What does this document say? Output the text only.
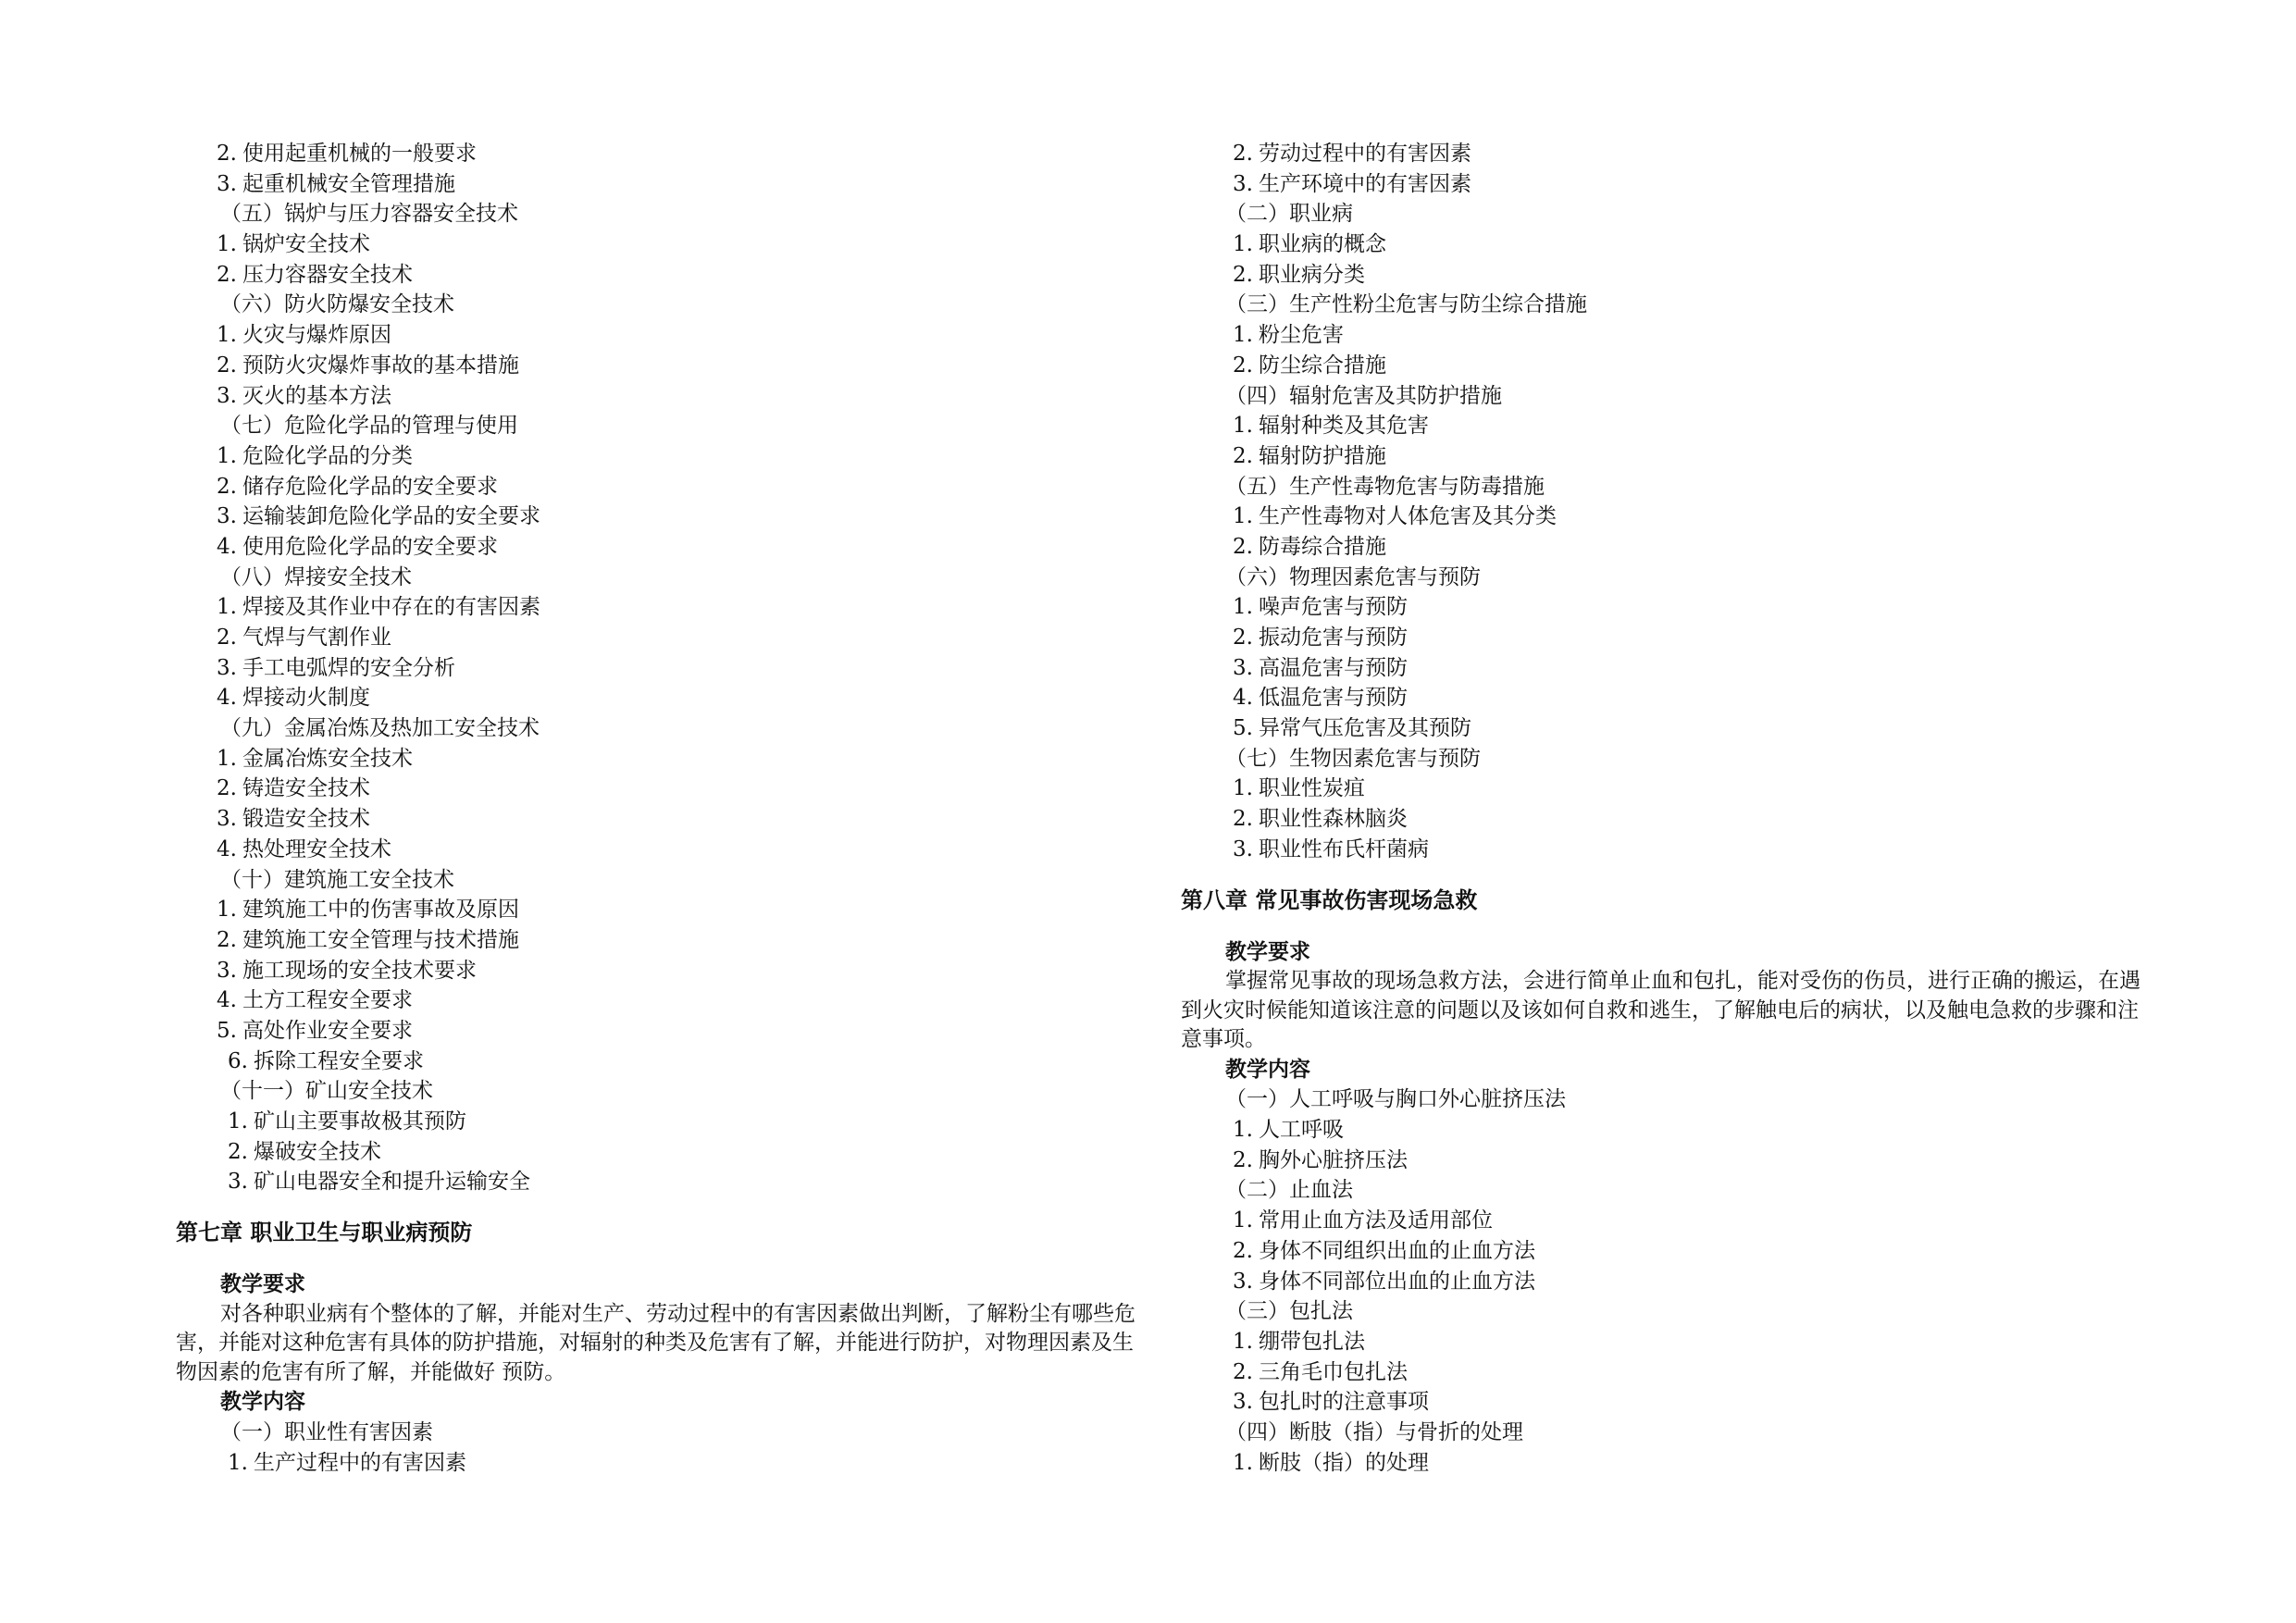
2. 使用起重机械的一般要求
3. 起重机械安全管理措施
（五）锅炉与压力容器安全技术
1. 锅炉安全技术
2. 压力容器安全技术
（六）防火防爆安全技术
1. 火灾与爆炸原因
2. 预防火灾爆炸事故的基本措施
3. 灭火的基本方法
（七）危险化学品的管理与使用
1. 危险化学品的分类
2. 储存危险化学品的安全要求
3. 运输装卸危险化学品的安全要求
4. 使用危险化学品的安全要求
（八）焊接安全技术
1. 焊接及其作业中存在的有害因素
2. 气焊与气割作业
3. 手工电弧焊的安全分析
4. 焊接动火制度
（九）金属冶炼及热加工安全技术
1. 金属冶炼安全技术
2. 铸造安全技术
3. 锻造安全技术
4. 热处理安全技术
（十）建筑施工安全技术
1. 建筑施工中的伤害事故及原因
2. 建筑施工安全管理与技术措施
3. 施工现场的安全技术要求
4. 土方工程安全要求
5. 高处作业安全要求
6. 拆除工程安全要求
（十一）矿山安全技术
1. 矿山主要事故极其预防
2. 爆破安全技术
3. 矿山电器安全和提升运输安全
第七章 职业卫生与职业病预防
教学要求
对各种职业病有个整体的了解，并能对生产、劳动过程中的有害因素做出判断，了解粉尘有哪些危害，并能对这种危害有具体的防护措施，对辐射的种类及危害有了解，并能进行防护，对物理因素及生物因素的危害有所了解，并能做好 预防。
教学内容
（一）职业性有害因素
1. 生产过程中的有害因素
2. 劳动过程中的有害因素
3. 生产环境中的有害因素
（二）职业病
1. 职业病的概念
2. 职业病分类
（三）生产性粉尘危害与防尘综合措施
1. 粉尘危害
2. 防尘综合措施
（四）辐射危害及其防护措施
1. 辐射种类及其危害
2. 辐射防护措施
（五）生产性毒物危害与防毒措施
1. 生产性毒物对人体危害及其分类
2. 防毒综合措施
（六）物理因素危害与预防
1. 噪声危害与预防
2. 振动危害与预防
3. 高温危害与预防
4. 低温危害与预防
5. 异常气压危害及其预防
（七）生物因素危害与预防
1. 职业性炭疽
2. 职业性森林脑炎
3. 职业性布氏杆菌病
第八章 常见事故伤害现场急救
教学要求
掌握常见事故的现场急救方法，会进行简单止血和包扎，能对受伤的伤员，进行正确的搬运，在遇到火灾时候能知道该注意的问题以及该如何自救和逃生，了解触电后的病状，以及触电急救的步骤和注意事项。
教学内容
（一）人工呼吸与胸口外心脏挤压法
1. 人工呼吸
2. 胸外心脏挤压法
（二）止血法
1. 常用止血方法及适用部位
2. 身体不同组织出血的止血方法
3. 身体不同部位出血的止血方法
（三）包扎法
1. 绷带包扎法
2. 三角毛巾包扎法
3. 包扎时的注意事项
（四）断肢（指）与骨折的处理
1. 断肢（指）的处理
